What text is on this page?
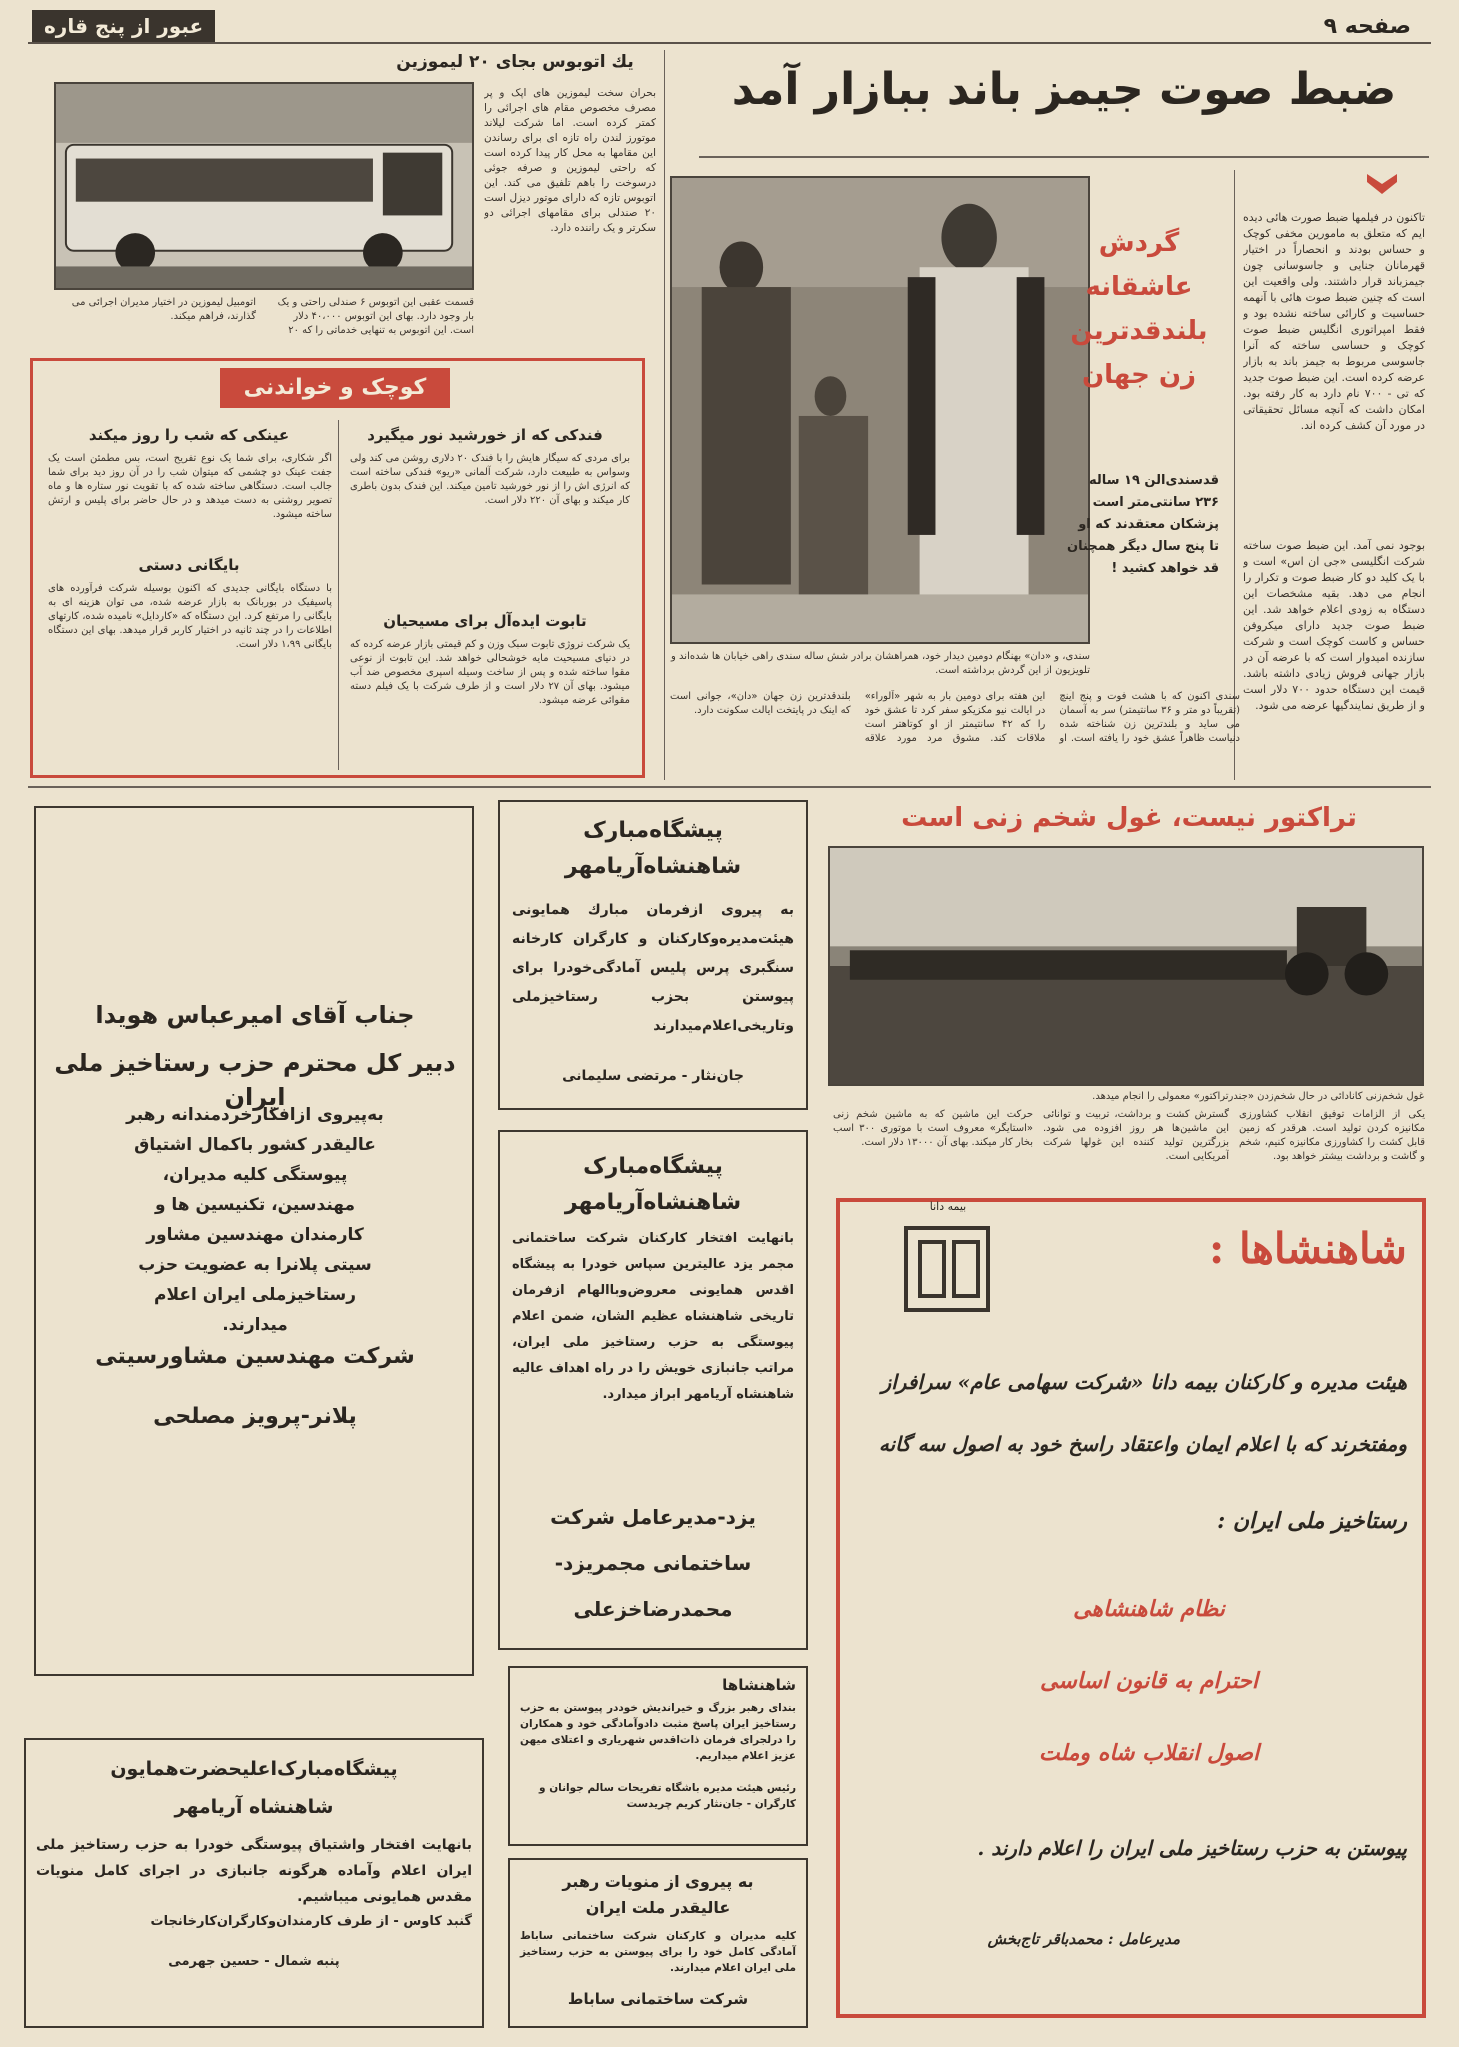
صفحه ۹
عبور از پنج قاره
ضبط صوت جیمز باند ببازار آمد
تاکنون در فیلمها ضبط صورت هائی دیده ایم که متعلق به مامورین مخفی کوچک و حساس بودند و انحصاراً در اختیار قهرمانان جنایی و جاسوسانی چون جیمزباند قرار داشتند. ولی واقعیت این است که چنین ضبط صوت هائی با آنهمه حساسیت و کارائی ساخته نشده بود و فقط امپراتوری انگلیس ضبط صوت کوچک و حساسی ساخته که آنرا جاسوسی مربوط به جیمز باند به بازار عرضه کرده است. این ضبط صوت جدید که تی - ۷۰۰ نام دارد به کار رفته بود. امکان داشت که آنچه مسائل تحقیقاتی در مورد آن کشف کرده اند.
بوجود نمی آمد. این ضبط صوت ساخته شرکت انگلیسی «جی ان اس» است و با یک کلید دو کار ضبط صوت و تکرار را انجام می دهد. بقیه مشخصات این دستگاه به زودی اعلام خواهد شد. این ضبط صوت جدید دارای میکروفن حساس و کاست کوچک است و شرکت سازنده امیدوار است که با عرضه آن در بازار جهانی فروش زیادی داشته باشد. قیمت این دستگاه حدود ۷۰۰ دلار است و از طریق نمایندگیها عرضه می شود.
گردش
عاشقانه
بلندقدترین
زن جهان
قدسندی‌الن ۱۹ ساله
۲۳۶ سانتی‌متر است
پزشکان معتقدند که او
تا پنج سال دیگر همچنان
قد خواهد کشید !
سندی، و «دان» بهنگام دومین دیدار خود، همراهشان برادر شش ساله سندی راهی خیابان ها شده‌اند و تلویزیون از این گردش برداشته است.
سندی اکنون که با هشت فوت و پنج اینچ (تقریباً دو متر و ۳۶ سانتیمتر) سر به آسمان می ساید و بلندترین زن شناخته شده دنیاست ظاهراً عشق خود را یافته است. او این هفته برای دومین بار به شهر «آلوراء» در ایالت نیو مکزیکو سفر کرد تا عشق خود را که ۴۲ سانتیمتر از او کوتاهتر است ملاقات کند. مشوق مرد مورد علاقه بلندقدترین زن جهان «دان»، جوانی است که اینک در پایتخت ایالت سکونت دارد.
یك اتوبوس بجای ۲۰ لیموزین
بحران سخت لیموزین های اپک و پر مصرف مخصوص مقام های اجرائی را کمتر کرده است. اما شرکت لیلاند موتورز لندن راه تازه ای برای رساندن این مقامها به محل کار پیدا کرده است که راحتی لیموزین و صرفه جوئی درسوخت را باهم تلفیق می کند. این اتوبوس تازه که دارای موتور دیزل است ۲۰ صندلی برای مقامهای اجرائی دو سکرتر و یک راننده دارد.
قسمت عقبی این اتوبوس ۶ صندلی راحتی و یک بار وجود دارد. بهای این اتوبوس ۴۰،۰۰۰ دلار است. این اتوبوس به تنهایی خدماتی را که ۲۰ اتومبیل لیموزین در اختیار مدیران اجرائی می گذارند، فراهم میکند.
کوچک و خواندنی
فندکی که از خورشید نور میگیرد
برای مردی که سیگار هایش را با فندک ۲۰ دلاری روشن می کند ولی وسواس به طبیعت دارد، شرکت آلمانی «ریو» فندکی ساخته است که انرژی اش را از نور خورشید تامین میکند. این فندک بدون باطری کار میکند و بهای آن ۲۲۰ دلار است.
عینکی که شب را روز میکند
اگر شکاری، برای شما یک نوع تفریح است، بس مطمئن است یک جفت عینک دو چشمی که میتوان شب را در آن روز دید برای شما جالب است. دستگاهی ساخته شده که با تقویت نور ستاره ها و ماه تصویر روشنی به دست میدهد و در حال حاضر برای پلیس و ارتش ساخته میشود.
بایگانی دستی
با دستگاه بایگانی جدیدی که اکنون بوسیله شرکت فرآورده های پاسیفیک در بوربانک به بازار عرضه شده، می توان هزینه ای به بایگانی را مرتفع کرد. این دستگاه که «کاردایل» نامیده شده، کارتهای اطلاعات را در چند ثانیه در اختیار کاربر قرار میدهد. بهای این دستگاه بایگانی ۱،۹۹ دلار است.
تابوت ایده‌آل برای مسیحیان
یک شرکت نروژی تابوت سبک وزن و کم قیمتی بازار عرضه کرده که در دنیای مسیحیت مایه خوشحالی خواهد شد. این تابوت از نوعی مقوا ساخته شده و پس از ساخت وسیله اسپری مخصوص ضد آب میشود. بهای آن ۲۷ دلار است و از طرف شرکت با یک فیلم دسته مقوائی عرضه میشود.
تراکتور نیست، غول شخم زنی است
غول شخم‌زنی کانادائی در حال شخم‌زدن «جندرتراکتور» معمولی را انجام میدهد.
یکی از الزامات توفیق انقلاب کشاورزی مکانیزه کردن تولید است. هرقدر که زمین قابل کشت را کشاورزی مکانیزه کنیم، شخم و گاشت و برداشت بیشتر خواهد بود.
گسترش کشت و برداشت، تربیت و توانائی این ماشین‌ها هر روز افزوده می شود. بزرگترین تولید کننده این غولها شرکت آمریکایی است.
حرکت این ماشین که به ماشین شخم زنی «استایگر» معروف است با موتوری ۳۰۰ اسب بخار کار میکند. بهای آن ۱۳۰۰۰ دلار است.
جناب آقای امیرعباس هویدا
دبیر کل محترم حزب رستاخیز ملی ایران
به‌پیروی ازافکارخردمندانه رهبر عالیقدر کشور باکمال اشتیاق پیوستگی کلیه مدیران، مهندسین، تکنیسین ها و کارمندان مهندسین مشاور سیتی پلانرا به عضویت حزب رستاخیزملی ایران اعلام میدارند.
شرکت مهندسین مشاورسیتی
پلانر-پرویز مصلحی
پیشگاه‌مبارک
شاهنشاه‌آریامهر
به پیروی ازفرمان مبارك همایونی هیئت‌مدیره‌وکارکنان و کارگران کارخانه سنگبری پرس پلیس آمادگی‌خودرا برای پیوستن بحزب رستاخیزملی وتاریخی‌اعلام‌میدارند
جان‌نثار - مرتضی سلیمانی
پیشگاه‌مبارک
شاهنشاه‌آریامهر
بانهایت افتخار کارکنان شرکت ساختمانی مجمر یزد عالیترین سپاس خودرا به پیشگاه اقدس همایونی معروض‌وباالهام ازفرمان تاریخی شاهنشاه عظیم الشان، ضمن اعلام پیوستگی به حزب رستاخیز ملی ایران، مراتب جانبازی خویش را در راه اهداف عالیه شاهنشاه آریامهر ابراز میدارد.
یزد-مدیرعامل شرکت
ساختمانی مجمریزد-
محمدرضاخزعلی
شاهنشاها
بندای رهبر بزرگ و خیراندیش خوددر پیوستن به حزب رستاخیز ایران پاسخ مثبت دادوآمادگی خود و همکاران را درلجرای فرمان ذات‌اقدس شهریاری و اعتلای میهن عزیز اعلام میداریم.
رئیس هیئت مدیره باشگاه تفریحات سالم جوانان و کارگران - جان‌نثار کریم چریدست
به پیروی از منویات رهبر
عالیقدر ملت ایران
کلیه مدیران و کارکنان شرکت ساختمانی ساباط آمادگی کامل خود را برای پیوستن به حزب رستاخیز ملی ایران اعلام میدارند.
شرکت ساختمانی ساباط
پیشگاه‌مبارک‌اعلیحضرت‌همایون
شاهنشاه آریامهر
بانهایت افتخار واشتیاق پیوستگی خودرا به حزب رستاخیز ملی ایران اعلام وآماده هرگونه جانبازی در اجرای کامل منویات مقدس همایونی میباشیم.
گنبد کاوس - از طرف کارمندان‌وکارگران‌کارخانجات
پنبه شمال - حسین جهرمی
بیمه دانا
شاهنشاها :
هیئت مدیره و کارکنان بیمه دانا «شرکت سهامی عام» سرافراز
ومفتخرند که با اعلام ایمان واعتقاد راسخ خود به اصول سه گانه
رستاخیز ملی ایران :
نظام شاهنشاهی
احترام به قانون اساسی
اصول انقلاب شاه وملت
پیوستن به حزب رستاخیز ملی ایران را اعلام دارند .
مدیرعامل : محمدباقر تاج‌بخش
